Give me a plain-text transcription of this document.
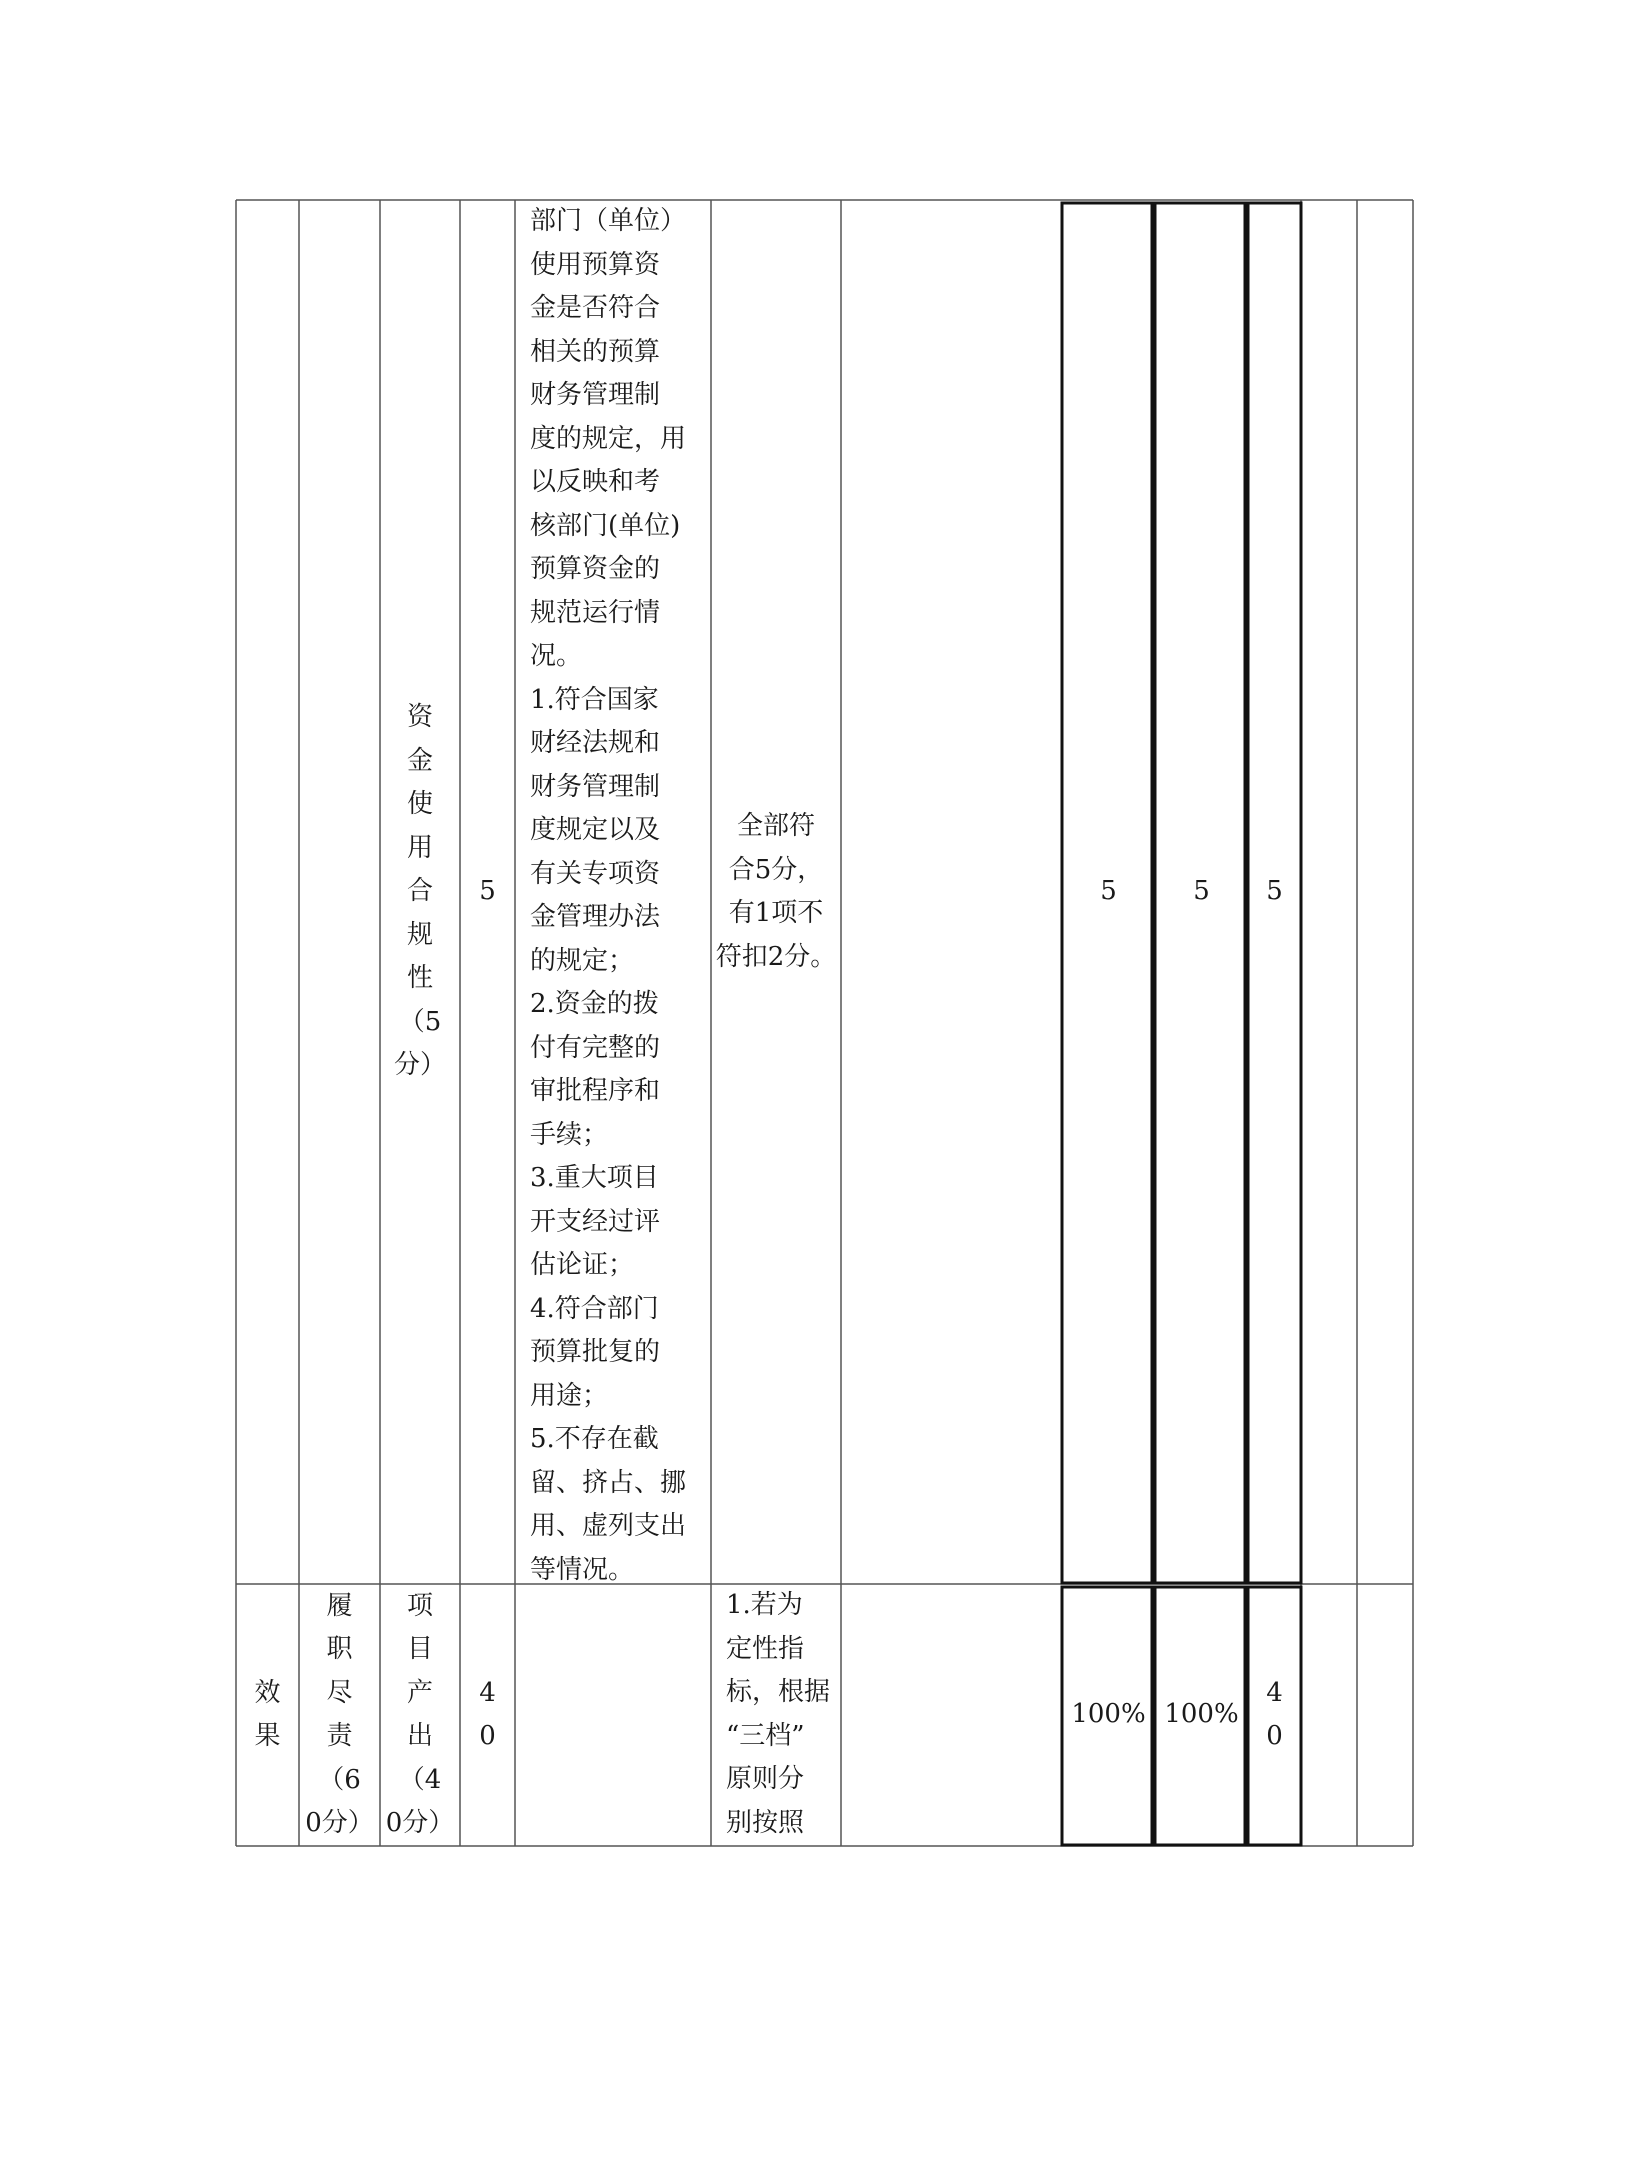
资
金
使
用
合
规
性
（5
分）
5
部门（单位）
使用预算资
金是否符合
相关的预算
财务管理制
度的规定，用
以反映和考
核部门(单位)
预算资金的
规范运行情
况。
1.符合国家
财经法规和
财务管理制
度规定以及
有关专项资
金管理办法
的规定；
2.资金的拨
付有完整的
审批程序和
手续；
3.重大项目
开支经过评
估论证；
4.符合部门
预算批复的
用途；
5.不存在截
留、挤占、挪
用、虚列支出
等情况。
全部符
合5分，
有1项不
符扣2分。
5	5	5
效
果
履
职
尽
责
（6
0分）
项
目
产
出
（4
0分）
4
0
1.若为
定性指
标，根据
“三档”
原则分
别按照
100% 100%
4
0
